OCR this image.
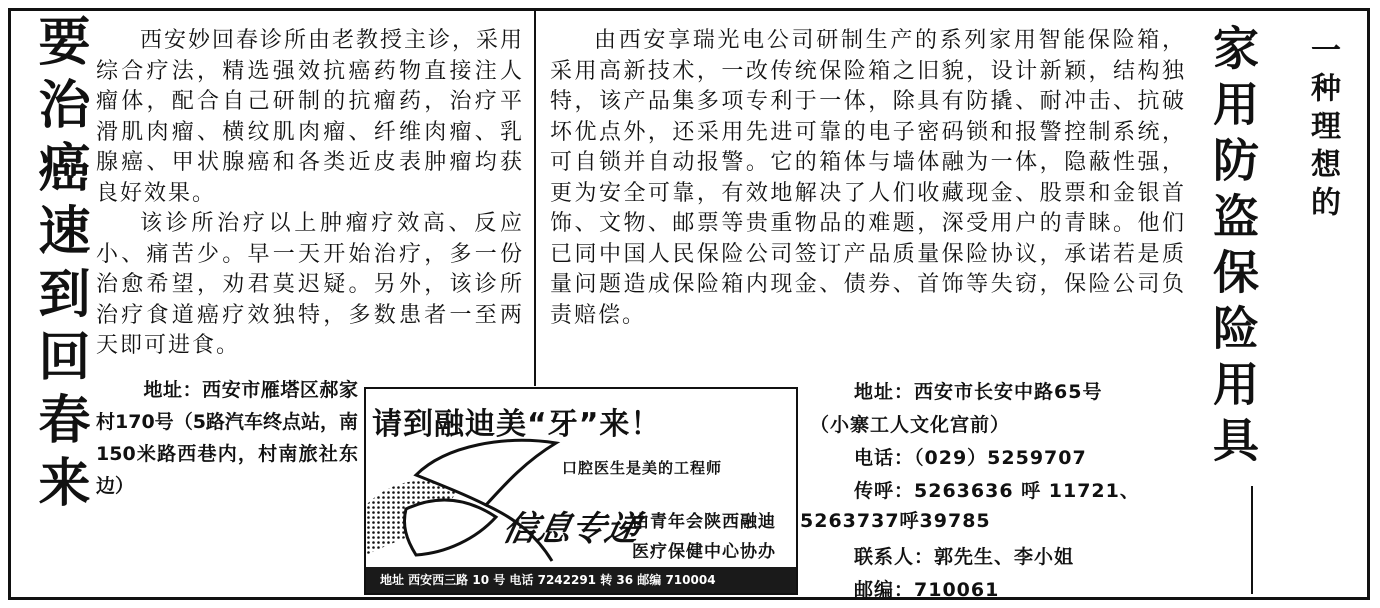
要治癌速到回春来	西安妙回春诊所由老教授主诊，采用综合疗法，精选强效抗癌药物直接注人瘤体，配合自己研制的抗瘤药，治疗平滑肌肉瘤、横纹肌肉瘤、纤维肉瘤、乳腺癌、甲状腺癌和各类近皮表肿瘤均获良好效果。

该诊所治疗以上肿瘤疗效高、反应小、痛苦少。早一天开始治疗，多一份治愈希望，劝君莫迟疑。另外，该诊所治疗食道癌疗效独特，多数患者一至两天即可进食。

地址：西安市雁塔区郝家村170号（5路汽车终点站，南150米路西巷内，村南旅社东边）
请到融迪美“牙”来！
口腔医生是美的工程师
信息专递
由青年会陕西融迪
医疗保健中心协办
地址 西安西三路 10 号 电话 7242291 转 36 邮编 710004

由西安享瑞光电公司研制生产的系列家用智能保险箱，采用高新技术，一改传统保险箱之旧貌，设计新颖，结构独特，该产品集多项专利于一体，除具有防撬、耐冲击、抗破坏优点外，还采用先进可靠的电子密码锁和报警控制系统，可自锁并自动报警。它的箱体与墙体融为一体，隐蔽性强，更为安全可靠，有效地解决了人们收藏现金、股票和金银首饰、文物、邮票等贵重物品的难题，深受用户的青睐。他们已同中国人民保险公司签订产品质量保险协议，承诺若是质量问题造成保险箱内现金、债券、首饰等失窃，保险公司负责赔偿。

地址：西安市长安中路65号
（小寨工人文化宫前）
电话：（029）5259707
传呼：5263636 呼 11721、
联系人：郭先生、李小姐
邮编：710061
5263737呼39785
家用防盗保险用具 一种理想的
